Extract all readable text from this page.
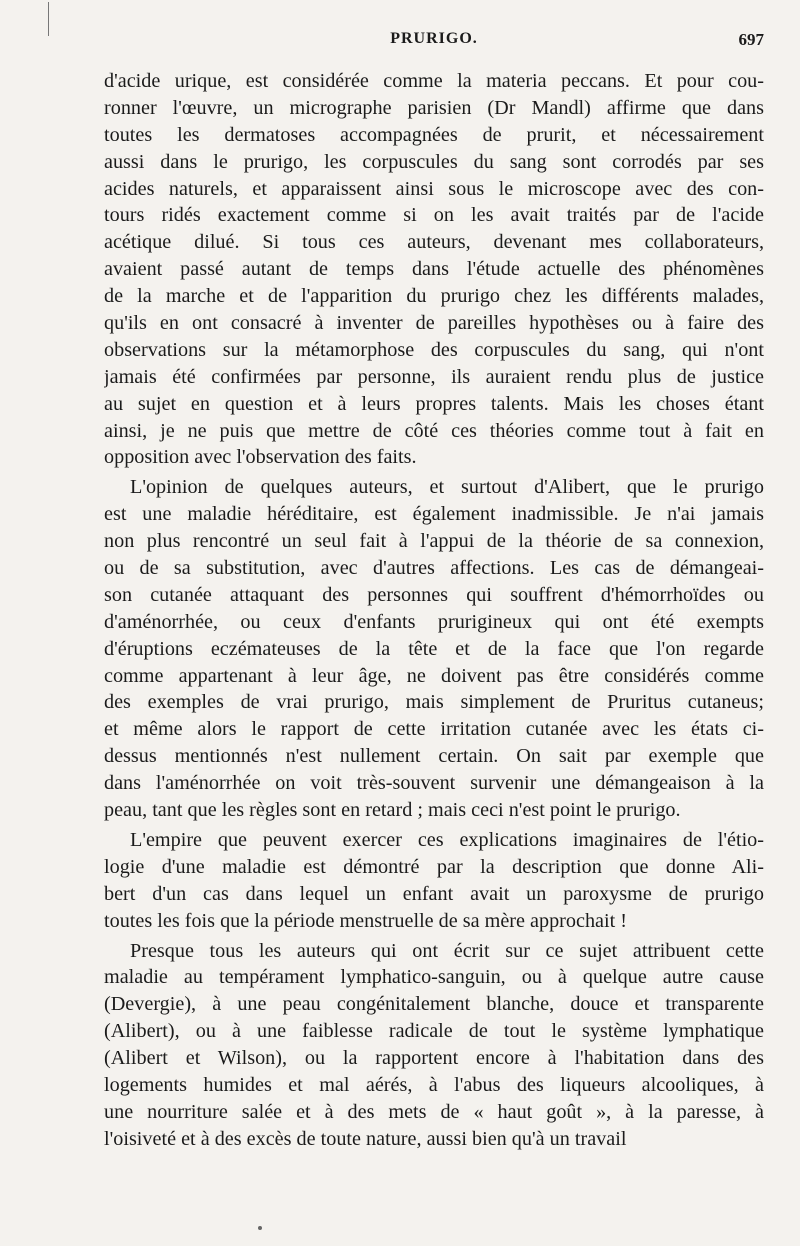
PRURIGO.	697
d'acide urique, est considérée comme la materia peccans. Et pour cou-
ronner l'œuvre, un micrographe parisien (Dr Mandl) affirme que dans
toutes les dermatoses accompagnées de prurit, et nécessairement
aussi dans le prurigo, les corpuscules du sang sont corrodés par ses
acides naturels, et apparaissent ainsi sous le microscope avec des con-
tours ridés exactement comme si on les avait traités par de l'acide
acétique dilué. Si tous ces auteurs, devenant mes collaborateurs,
avaient passé autant de temps dans l'étude actuelle des phénomènes
de la marche et de l'apparition du prurigo chez les différents malades,
qu'ils en ont consacré à inventer de pareilles hypothèses ou à faire des
observations sur la métamorphose des corpuscules du sang, qui n'ont
jamais été confirmées par personne, ils auraient rendu plus de justice
au sujet en question et à leurs propres talents. Mais les choses étant
ainsi, je ne puis que mettre de côté ces théories comme tout à fait en
opposition avec l'observation des faits.
L'opinion de quelques auteurs, et surtout d'Alibert, que le prurigo
est une maladie héréditaire, est également inadmissible. Je n'ai jamais
non plus rencontré un seul fait à l'appui de la théorie de sa connexion,
ou de sa substitution, avec d'autres affections. Les cas de démangeai-
son cutanée attaquant des personnes qui souffrent d'hémorrhoïdes ou
d'aménorrhée, ou ceux d'enfants prurigineux qui ont été exempts
d'éruptions eczémateuses de la tête et de la face que l'on regarde
comme appartenant à leur âge, ne doivent pas être considérés comme
des exemples de vrai prurigo, mais simplement de Pruritus cutaneus;
et même alors le rapport de cette irritation cutanée avec les états ci-
dessus mentionnés n'est nullement certain. On sait par exemple que
dans l'aménorrhée on voit très-souvent survenir une démangeaison à la
peau, tant que les règles sont en retard ; mais ceci n'est point le prurigo.
L'empire que peuvent exercer ces explications imaginaires de l'étio-
logie d'une maladie est démontré par la description que donne Ali-
bert d'un cas dans lequel un enfant avait un paroxysme de prurigo
toutes les fois que la période menstruelle de sa mère approchait !
Presque tous les auteurs qui ont écrit sur ce sujet attribuent cette
maladie au tempérament lymphatico-sanguin, ou à quelque autre cause
(Devergie), à une peau congénitalement blanche, douce et transparente
(Alibert), ou à une faiblesse radicale de tout le système lymphatique
(Alibert et Wilson), ou la rapportent encore à l'habitation dans des
logements humides et mal aérés, à l'abus des liqueurs alcooliques, à
une nourriture salée et à des mets de « haut goût », à la paresse, à
l'oisiveté et à des excès de toute nature, aussi bien qu'à un travail
